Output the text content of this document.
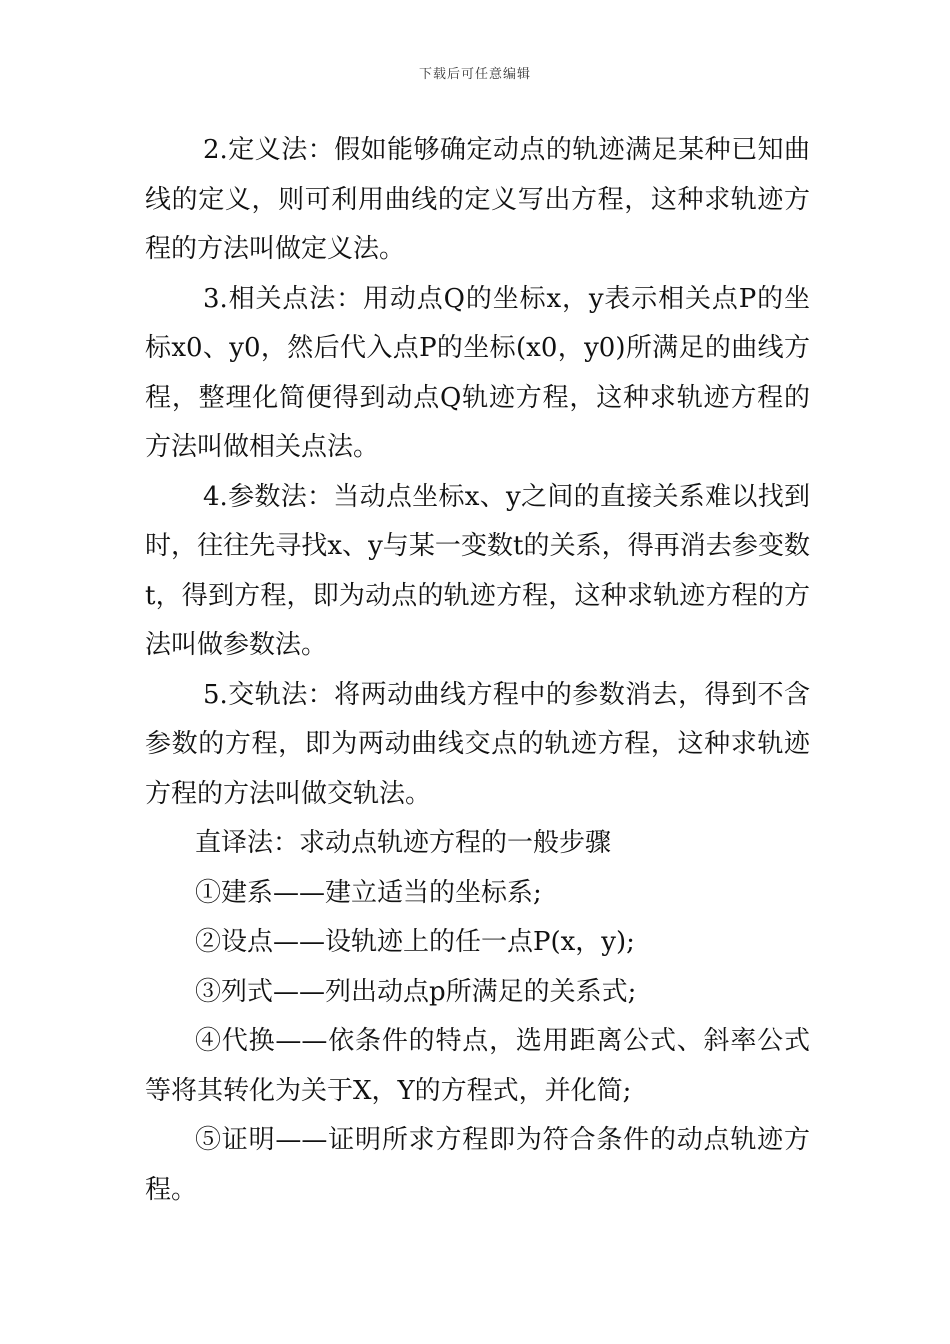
下载后可任意编辑

2.定义法：假如能够确定动点的轨迹满足某种已知曲线的定义，则可利用曲线的定义写出方程，这种求轨迹方程的方法叫做定义法。

3.相关点法：用动点Q的坐标x，y表示相关点P的坐标x0、y0，然后代入点P的坐标(x0，y0)所满足的曲线方程，整理化简便得到动点Q轨迹方程，这种求轨迹方程的方法叫做相关点法。

4.参数法：当动点坐标x、y之间的直接关系难以找到时，往往先寻找x、y与某一变数t的关系，得再消去参变数t，得到方程，即为动点的轨迹方程，这种求轨迹方程的方法叫做参数法。

5.交轨法：将两动曲线方程中的参数消去，得到不含参数的方程，即为两动曲线交点的轨迹方程，这种求轨迹方程的方法叫做交轨法。

直译法：求动点轨迹方程的一般步骤

①建系——建立适当的坐标系;

②设点——设轨迹上的任一点P(x，y);

③列式——列出动点p所满足的关系式;

④代换——依条件的特点，选用距离公式、斜率公式等将其转化为关于X，Y的方程式，并化简;

⑤证明——证明所求方程即为符合条件的动点轨迹方程。
